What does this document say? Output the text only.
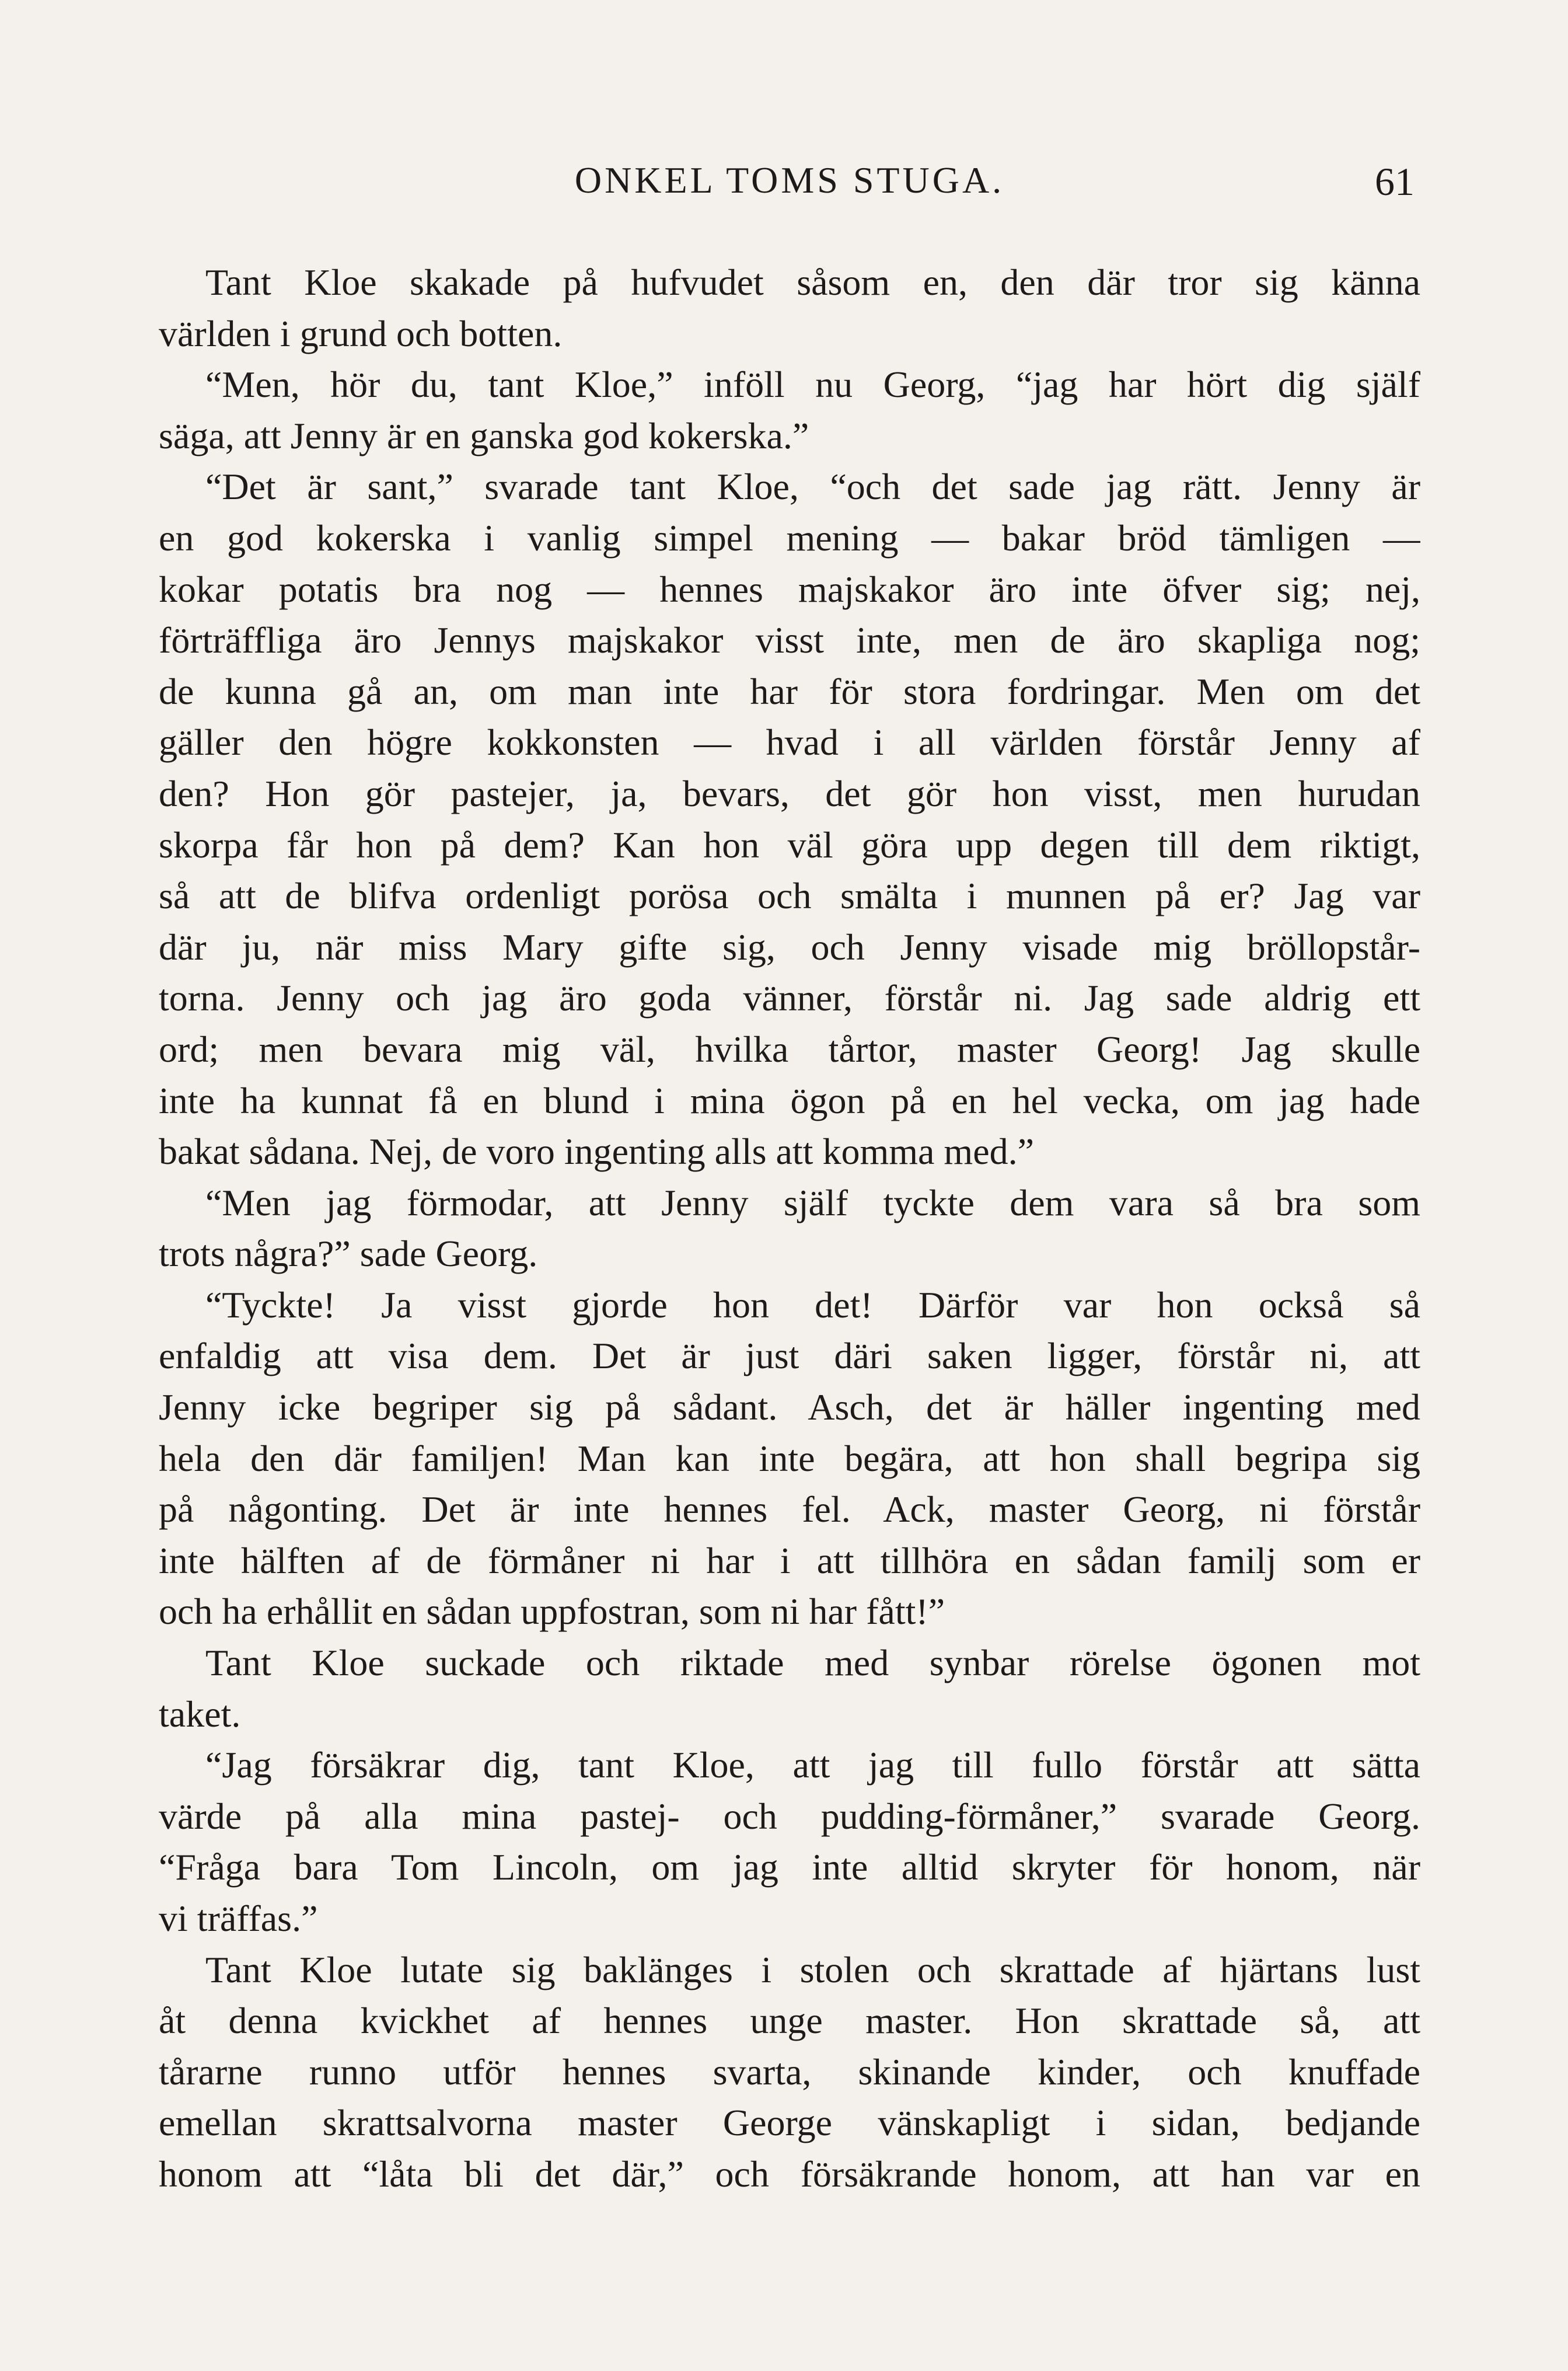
ONKEL TOMS STUGA.	61
Tant Kloe skakade på hufvudet såsom en, den där tror sig känna
världen i grund och botten.
“Men, hör du, tant Kloe,” inföll nu Georg, “jag har hört dig själf
säga, att Jenny är en ganska god kokerska.”
“Det är sant,” svarade tant Kloe, “och det sade jag rätt. Jenny är
en god kokerska i vanlig simpel mening — bakar bröd tämligen —
kokar potatis bra nog — hennes majskakor äro inte öfver sig; nej,
förträffliga äro Jennys majskakor visst inte, men de äro skapliga nog;
de kunna gå an, om man inte har för stora fordringar. Men om det
gäller den högre kokkonsten — hvad i all världen förstår Jenny af
den? Hon gör pastejer, ja, bevars, det gör hon visst, men hurudan
skorpa får hon på dem? Kan hon väl göra upp degen till dem riktigt,
så att de blifva ordenligt porösa och smälta i munnen på er? Jag var
där ju, när miss Mary gifte sig, och Jenny visade mig bröllopstår-
torna. Jenny och jag äro goda vänner, förstår ni. Jag sade aldrig ett
ord; men bevara mig väl, hvilka tårtor, master Georg! Jag skulle
inte ha kunnat få en blund i mina ögon på en hel vecka, om jag hade
bakat sådana. Nej, de voro ingenting alls att komma med.”
“Men jag förmodar, att Jenny själf tyckte dem vara så bra som
trots några?” sade Georg.
“Tyckte! Ja visst gjorde hon det! Därför var hon också så
enfaldig att visa dem. Det är just däri saken ligger, förstår ni, att
Jenny icke begriper sig på sådant. Asch, det är häller ingenting med
hela den där familjen! Man kan inte begära, att hon shall begripa sig
på någonting. Det är inte hennes fel. Ack, master Georg, ni förstår
inte hälften af de förmåner ni har i att tillhöra en sådan familj som er
och ha erhållit en sådan uppfostran, som ni har fått!”
Tant Kloe suckade och riktade med synbar rörelse ögonen mot
taket.
“Jag försäkrar dig, tant Kloe, att jag till fullo förstår att sätta
värde på alla mina pastej- och pudding-förmåner,” svarade Georg.
“Fråga bara Tom Lincoln, om jag inte alltid skryter för honom, när
vi träffas.”
Tant Kloe lutate sig baklänges i stolen och skrattade af hjärtans lust
åt denna kvickhet af hennes unge master. Hon skrattade så, att
tårarne runno utför hennes svarta, skinande kinder, och knuffade
emellan skrattsalvorna master George vänskapligt i sidan, bedjande
honom att “låta bli det där,” och försäkrande honom, att han var en
